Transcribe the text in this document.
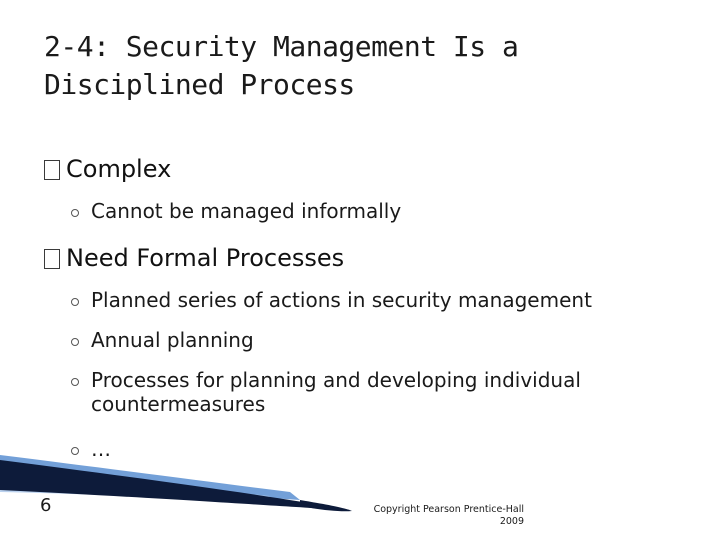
2-4: Security Management Is a
Disciplined Process
Complex
Cannot be managed informally
Need Formal Processes
Planned series of actions in security management
Annual planning
Processes for planning and developing individual
countermeasures
…
6	Copyright Pearson Prentice-Hall
2009
